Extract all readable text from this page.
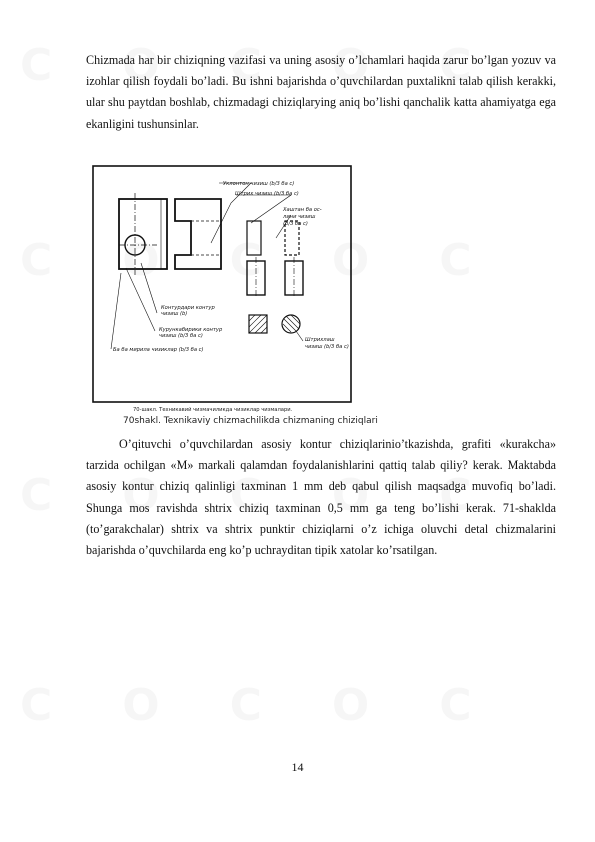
Chizmada har bir chiziqning vazifasi va uning asosiy o’lchamlari haqida zarur bo’lgan yozuv va izohlar qilish foydali bo’ladi. Bu ishni bajarishda o’quvchilardan puxtalikni talab qilish kerakki, ular shu paytdan boshlab, chizmadagi chiziqlarying aniq bo’lishi qanchalik katta ahamiyatga ega ekanligini tushunsinlar.

Уклонтон чизиш (b/3 ба с)
Штрих чизиш (b/3 ба с)
Хаштан ба ос-
лини чизиш
(b/3 ба с)
Контурдари контур
чизиш (b)
Курункабирики контур
чизиш (b/3 ба с)
Ба ба мирила чизиклар (b/3 ба с)
Штрихлаш
чизиш (b/3 ба с)
70-шакл. Техникавий чизмачиликда чизиклар чизмалари.
70shakl. Texnikaviy chizmachilikda chizmaning chiziqlari

O’qituvchi o’quvchilardan asosiy kontur chiziqlarinio’tkazishda, grafiti «kurakcha» tarzida ochilgan «M» markali qalamdan foydalanishlarini qattiq talab qiliy? kerak. Maktabda asosiy kontur chiziq qalinligi taxminan 1 mm deb qabul qilish maqsadga muvofiq bo’ladi. Shunga mos ravishda shtrix chiziq taxminan 0,5 mm ga teng bo’lishi kerak. 71-shaklda (to’garakchalar) shtrix va shtrix punktir chiziqlarni o’z ichiga oluvchi detal chizmalarini bajarishda o’quvchilarda eng ko’p uchrayditan tipik xatolar ko’rsatilgan.

14
